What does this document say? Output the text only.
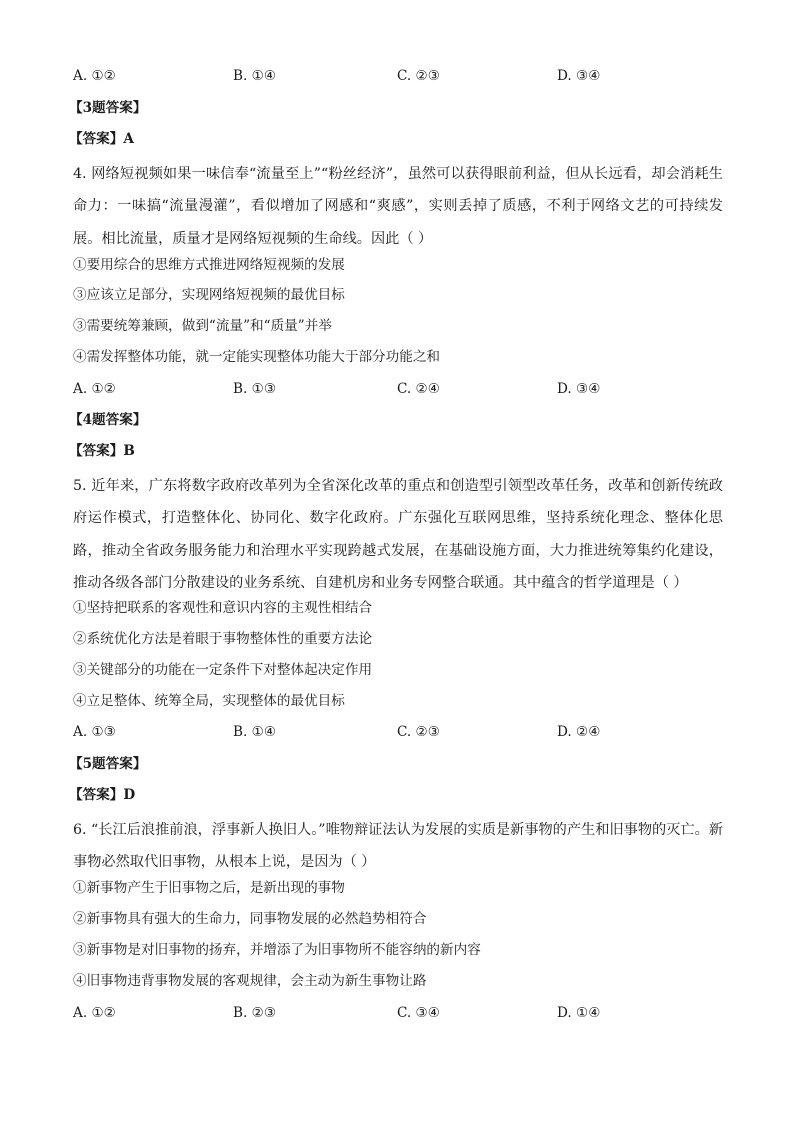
A. ①②	B. ①④	C. ②③	D. ③④
【3题答案】
【答案】A
4. 网络短视频如果一味信奉“流量至上”“粉丝经济”，虽然可以获得眼前利益，但从长远看，却会消耗生命力：一味搞“流量漫灌”，看似增加了网感和“爽感”，实则丢掉了质感，不利于网络文艺的可持续发展。相比流量，质量才是网络短视频的生命线。因此（ ）
①要用综合的思维方式推进网络短视频的发展
③应该立足部分，实现网络短视频的最优目标
③需要统筹兼顾，做到“流量”和“质量”并举
④需发挥整体功能，就一定能实现整体功能大于部分功能之和
A. ①②	B. ①③	C. ②④	D. ③④
【4题答案】
【答案】B
5. 近年来，广东将数字政府改革列为全省深化改革的重点和创造型引领型改革任务，改革和创新传统政府运作模式，打造整体化、协同化、数字化政府。广东强化互联网思维，坚持系统化理念、整体化思路，推动全省政务服务能力和治理水平实现跨越式发展，在基础设施方面，大力推进统筹集约化建设，推动各级各部门分散建设的业务系统、自建机房和业务专网整合联通。其中蕴含的哲学道理是（ ）
①坚持把联系的客观性和意识内容的主观性相结合
②系统优化方法是着眼于事物整体性的重要方法论
③关键部分的功能在一定条件下对整体起决定作用
④立足整体、统筹全局，实现整体的最优目标
A. ①③	B. ①④	C. ②③	D. ②④
【5题答案】
【答案】D
6. “长江后浪推前浪，浮事新人换旧人。”唯物辩证法认为发展的实质是新事物的产生和旧事物的灭亡。新事物必然取代旧事物，从根本上说，是因为（ ）
①新事物产生于旧事物之后，是新出现的事物
②新事物具有强大的生命力，同事物发展的必然趋势相符合
③新事物是对旧事物的扬弃，并增添了为旧事物所不能容纳的新内容
④旧事物违背事物发展的客观规律，会主动为新生事物让路
A. ①②	B. ②③	C. ③④	D. ①④
